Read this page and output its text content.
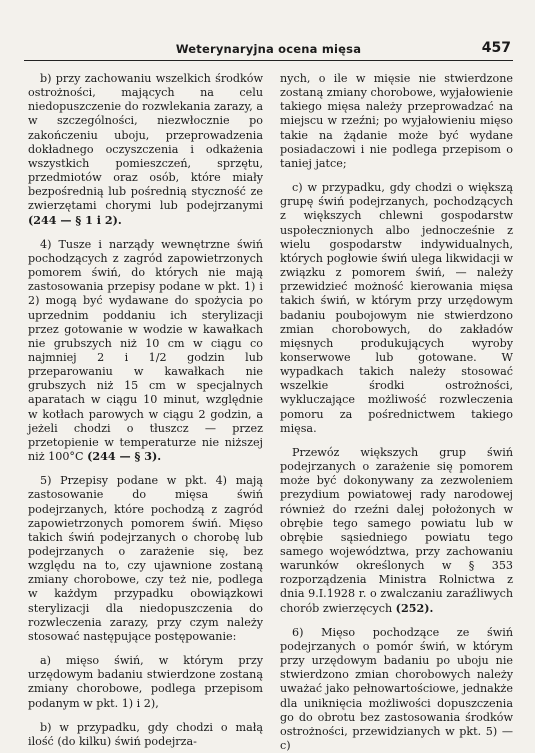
Weterynaryjna ocena mięsa	457

b) przy zachowaniu wszelkich środków ostrożności, mających na celu niedopuszczenie do rozwlekania zarazy, a w szczególności, niezwłocznie po zakończeniu uboju, przeprowadzenia dokładnego oczyszczenia i odkażenia wszystkich pomieszczeń, sprzętu, przedmiotów oraz osób, które miały bezpośrednią lub pośrednią styczność ze zwierzętami chorymi lub podejrzanymi (244 — § 1 i 2).

4) Tusze i narządy wewnętrzne świń pochodzących z zagród zapowietrzonych pomorem świń, do których nie mają zastosowania przepisy podane w pkt. 1) i 2) mogą być wydawane do spożycia po uprzednim poddaniu ich sterylizacji przez gotowanie w wodzie w kawałkach nie grubszych niż 10 cm w ciągu co najmniej 2 i 1/2 godzin lub przeparowaniu w kawałkach nie grubszych niż 15 cm w specjalnych aparatach w ciągu 10 minut, względnie w kotłach parowych w ciągu 2 godzin, a jeżeli chodzi o tłuszcz — przez przetopienie w temperaturze nie niższej niż 100°C (244 — § 3).

5) Przepisy podane w pkt. 4) mają zastosowanie do mięsa świń podejrzanych, które pochodzą z zagród zapowietrzonych pomorem świń. Mięso takich świń podejrzanych o chorobę lub podejrzanych o zarażenie się, bez względu na to, czy ujawnione zostaną zmiany chorobowe, czy też nie, podlega w każdym przypadku obowiązkowi sterylizacji dla niedopuszczenia do rozwleczenia zarazy, przy czym należy stosować następujące postępowanie:

a) mięso świń, w którym przy urzędowym badaniu stwierdzone zostaną zmiany chorobowe, podlega przepisom podanym w pkt. 1) i 2),

b) w przypadku, gdy chodzi o małą ilość (do kilku) świń podejrza-

nych, o ile w mięsie nie stwierdzone zostaną zmiany chorobowe, wyjałowienie takiego mięsa należy przeprowadzać na miejscu w rzeźni; po wyjałowieniu mięso takie na żądanie może być wydane posiadaczowi i nie podlega przepisom o taniej jatce;

c) w przypadku, gdy chodzi o większą grupę świń podejrzanych, pochodzących z większych chlewni gospodarstw uspołecznionych albo jednocześnie z wielu gospodarstw indywidualnych, których pogłowie świń ulega likwidacji w związku z pomorem świń, — należy przewidzieć możność kierowania mięsa takich świń, w którym przy urzędowym badaniu poubojowym nie stwierdzono zmian chorobowych, do zakładów mięsnych produkujących wyroby konserwowe lub gotowane. W wypadkach takich należy stosować wszelkie środki ostrożności, wykluczające możliwość rozwleczenia pomoru za pośrednictwem takiego mięsa.

Przewóz większych grup świń podejrzanych o zarażenie się pomorem może być dokonywany za zezwoleniem prezydium powiatowej rady narodowej również do rzeźni dalej położonych w obrębie tego samego powiatu lub w obrębie sąsiedniego powiatu tego samego województwa, przy zachowaniu warunków określonych w § 353 rozporządzenia Ministra Rolnictwa z dnia 9.I.1928 r. o zwalczaniu zaraźliwych chorób zwierzęcych (252).

6) Mięso pochodzące ze świń podejrzanych o pomór świń, w którym przy urzędowym badaniu po uboju nie stwierdzono zmian chorobowych należy uważać jako pełnowartościowe, jednakże dla uniknięcia możliwości dopuszczenia go do obrotu bez zastosowania środków ostrożności, przewidzianych w pkt. 5) — c)
